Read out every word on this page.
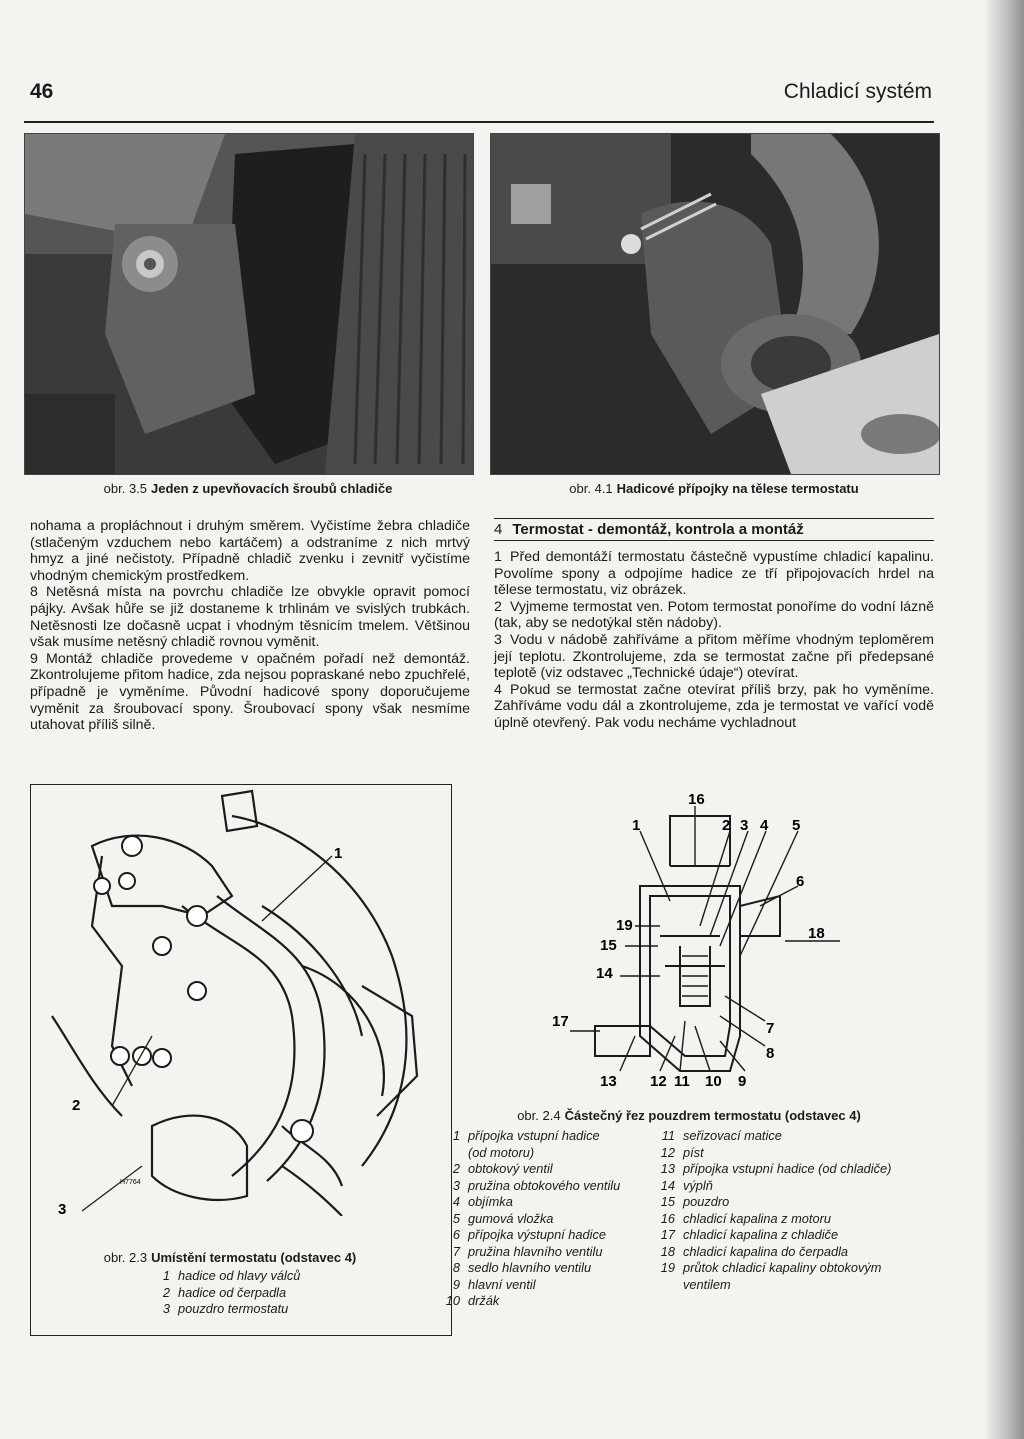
46	Chladicí systém
obr. 3.5 Jeden z upevňovacích šroubů chladiče	obr. 4.1 Hadicové přípojky na tělese termostatu

nohama a propláchnout i druhým směrem. Vyčistíme žebra chladiče (stlačeným vzduchem nebo kartáčem) a odstraníme z nich mrtvý hmyz a jiné nečistoty. Případně chladič zvenku i zevnitř vyčistíme vhodným chemickým prostředkem.

8 Netěsná místa na povrchu chladiče lze obvykle opravit pomocí pájky. Avšak hůře se již dostaneme k trhlinám ve svislých trubkách. Netěsnosti lze dočasně ucpat i vhodným těsnicím tmelem. Většinou však musíme netěsný chladič rovnou vyměnit.

9 Montáž chladiče provedeme v opačném pořadí než demontáž. Zkontrolujeme přitom hadice, zda nejsou popraskané nebo zpuchřelé, případně je vyměníme. Původní hadicové spony doporučujeme vyměnit za šroubovací spony. Šroubovací spony však nesmíme utahovat příliš silně.

4 Termostat - demontáž, kontrola a montáž

1 Před demontáží termostatu částečně vypustíme chladicí kapalinu. Povolíme spony a odpojíme hadice ze tří připojovacích hrdel na tělese termostatu, viz obrázek.

2 Vyjmeme termostat ven. Potom termostat ponoříme do vodní lázně (tak, aby se nedotýkal stěn nádoby).

3 Vodu v nádobě zahříváme a přitom měříme vhodným teploměrem její teplotu. Zkontrolujeme, zda se termostat začne při předepsané teplotě (viz odstavec „Technické údaje“) otevírat.

4 Pokud se termostat začne otevírat příliš brzy, pak ho vyměníme. Zahříváme vodu dál a zkontrolujeme, zda je termostat ve vařící vodě úplně otevřený. Pak vodu necháme vychladnout

1
2
3
H7764
obr. 2.3 Umístění termostatu (odstavec 4)
1 hadice od hlavy válců
2 hadice od čerpadla
3 pouzdro termostatu
16
1	2 3 4 5
6
18
19
15
14
17	7
8
13 12 11 10 9
obr. 2.4 Částečný řez pouzdrem termostatu (odstavec 4)
1 přípojka vstupní hadice
(od motoru)
2 obtokový ventil
3 pružina obtokového ventilu
4 objímka
5 gumová vložka
6 přípojka výstupní hadice
7 pružina hlavního ventilu
8 sedlo hlavního ventilu
9 hlavní ventil
10 držák
11 seřizovací matice
12 píst
13 přípojka vstupní hadice (od chladiče)
14 výplň
15 pouzdro
16 chladicí kapalina z motoru
17 chladicí kapalina z chladiče
18 chladicí kapalina do čerpadla
19 průtok chladicí kapaliny obtokovým
ventilem
